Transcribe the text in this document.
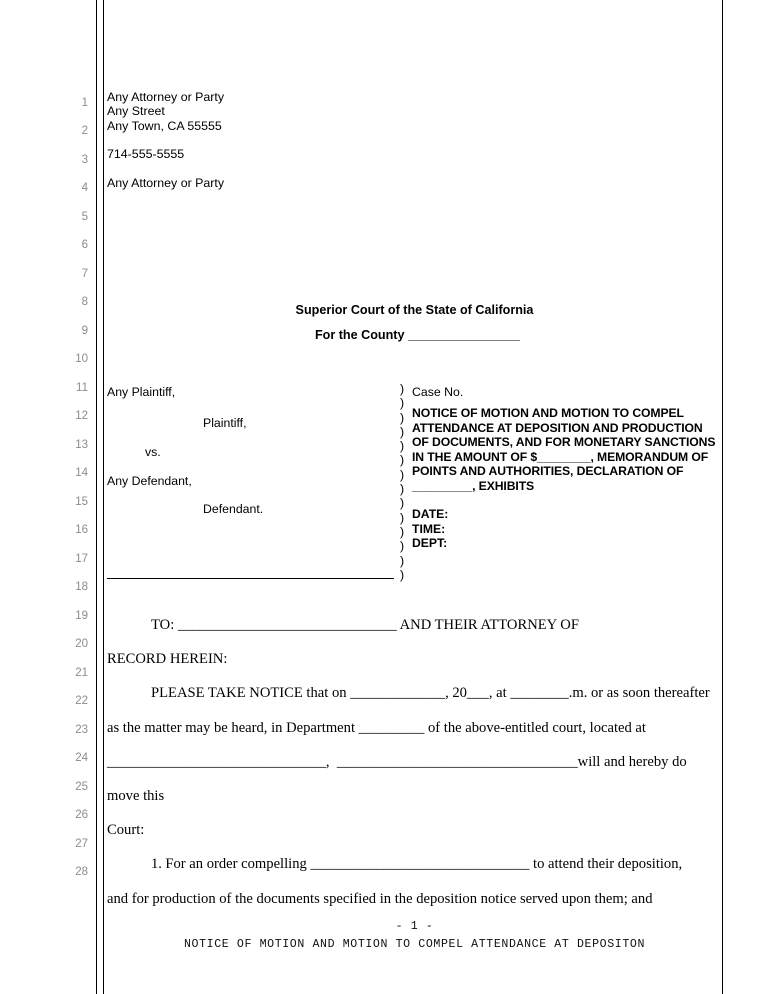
1
2
3
4
5
6
7
8
9
10
11
12
13
14
15
16
17
18
19
20
21
22
23
24
25
26
27
28
Any Attorney or Party
Any Street
Any Town, CA 55555
714-555-5555
Any Attorney or Party
Superior Court of the State of California
For the County ________________
Any Plaintiff,
Plaintiff,
vs.
Any Defendant,
Defendant.
)
)
)
)
)
)
)
)
)
)
)
)
)
)
Case No.
NOTICE OF MOTION AND MOTION TO COMPEL ATTENDANCE AT DEPOSITION AND PRODUCTION OF DOCUMENTS, AND FOR MONETARY SANCTIONS IN THE AMOUNT OF $________, MEMORANDUM OF POINTS AND AUTHORITIES, DECLARATION OF _________, EXHIBITS
DATE:
TIME:
DEPT:

TO: ______________________________ AND THEIR ATTORNEY OF

RECORD HEREIN:

PLEASE TAKE NOTICE that on _____________, 20___, at ________.m. or as soon thereafter

as the matter may be heard, in Department _________ of the above-entitled court, located at

______________________________,  _________________________________will and hereby do move this

Court:

1.	For an order compelling ______________________________ to attend their deposition,

and for production of the documents specified in the deposition notice served upon them; and

- 1 -
NOTICE OF MOTION AND MOTION TO COMPEL ATTENDANCE AT DEPOSITON
